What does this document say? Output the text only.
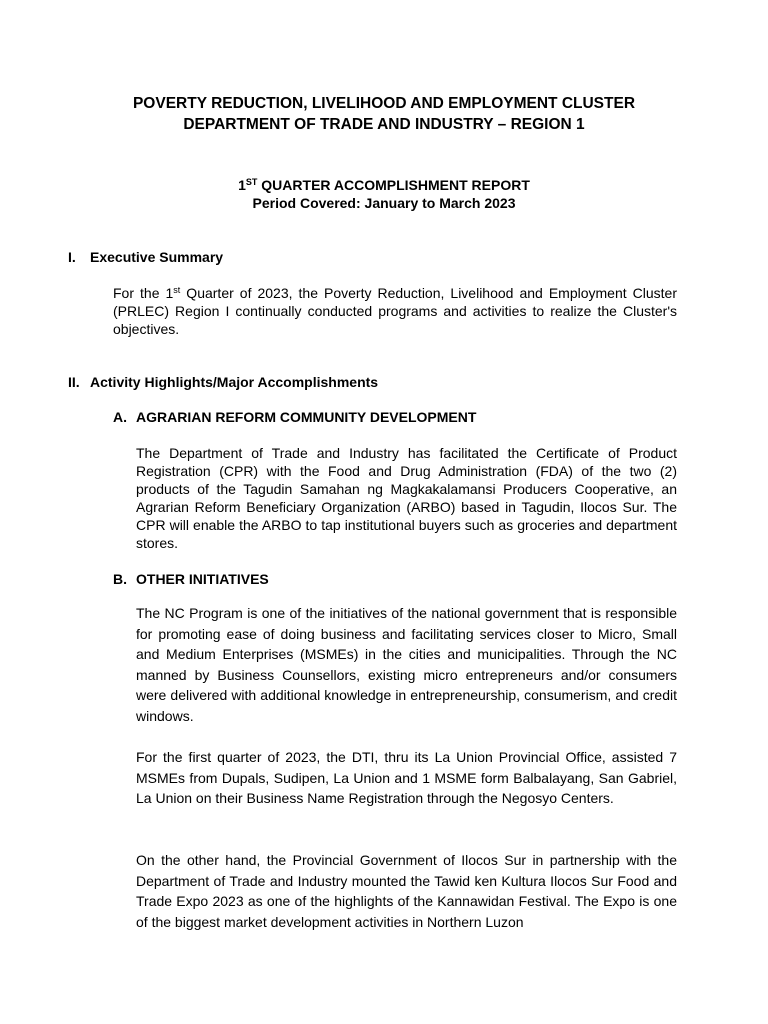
POVERTY REDUCTION, LIVELIHOOD AND EMPLOYMENT CLUSTER
DEPARTMENT OF TRADE AND INDUSTRY – REGION 1
1ST QUARTER ACCOMPLISHMENT REPORT
Period Covered: January to March 2023
I. Executive Summary
For the 1st Quarter of 2023, the Poverty Reduction, Livelihood and Employment Cluster (PRLEC) Region I continually conducted programs and activities to realize the Cluster's objectives.
II. Activity Highlights/Major Accomplishments
A. AGRARIAN REFORM COMMUNITY DEVELOPMENT
The Department of Trade and Industry has facilitated the Certificate of Product Registration (CPR) with the Food and Drug Administration (FDA) of the two (2) products of the Tagudin Samahan ng Magkakalamansi Producers Cooperative, an Agrarian Reform Beneficiary Organization (ARBO) based in Tagudin, Ilocos Sur. The CPR will enable the ARBO to tap institutional buyers such as groceries and department stores.
B. OTHER INITIATIVES
The NC Program is one of the initiatives of the national government that is responsible for promoting ease of doing business and facilitating services closer to Micro, Small and Medium Enterprises (MSMEs) in the cities and municipalities. Through the NC manned by Business Counsellors, existing micro entrepreneurs and/or consumers were delivered with additional knowledge in entrepreneurship, consumerism, and credit windows.
For the first quarter of 2023, the DTI, thru its La Union Provincial Office, assisted 7 MSMEs from Dupals, Sudipen, La Union and 1 MSME form Balbalayang, San Gabriel, La Union on their Business Name Registration through the Negosyo Centers.
On the other hand, the Provincial Government of Ilocos Sur in partnership with the Department of Trade and Industry mounted the Tawid ken Kultura Ilocos Sur Food and Trade Expo 2023 as one of the highlights of the Kannawidan Festival. The Expo is one of the biggest market development activities in Northern Luzon
